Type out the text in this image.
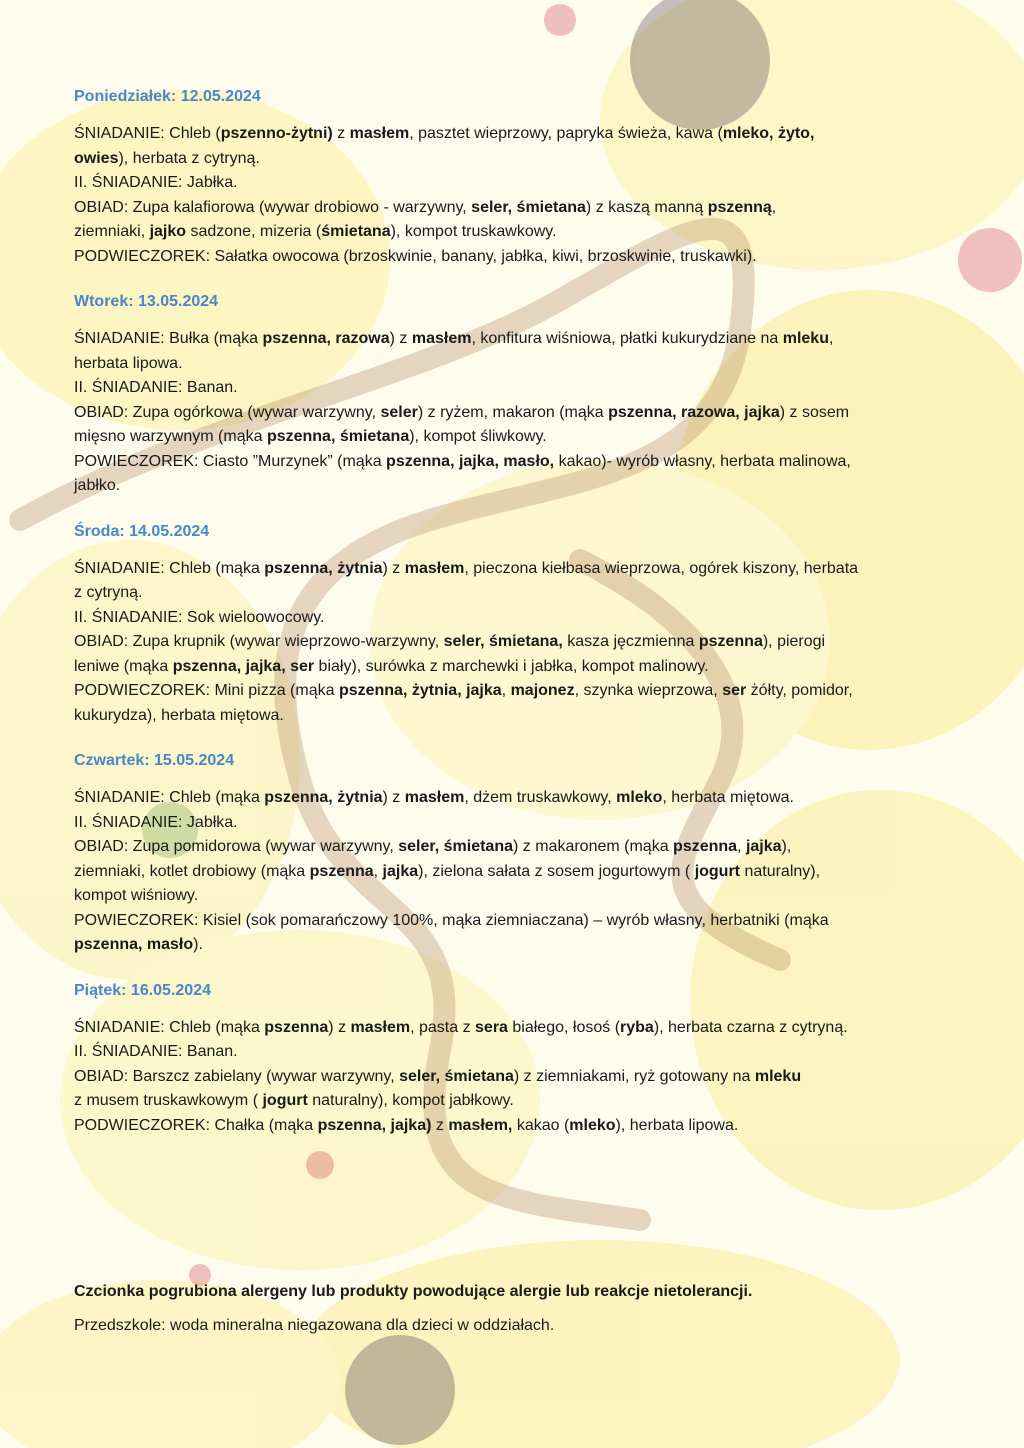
Poniedziałek: 12.05.2024

ŚNIADANIE: Chleb (pszenno-żytni) z masłem, pasztet wieprzowy, papryka świeża, kawa (mleko, żyto,
owies), herbata z cytryną.

II. ŚNIADANIE: Jabłka.

OBIAD: Zupa kalafiorowa (wywar drobiowo - warzywny, seler, śmietana) z kaszą manną pszenną,
ziemniaki, jajko sadzone, mizeria (śmietana), kompot truskawkowy.

PODWIECZOREK: Sałatka owocowa (brzoskwinie, banany, jabłka, kiwi, brzoskwinie, truskawki).

Wtorek: 13.05.2024

ŚNIADANIE: Bułka (mąka pszenna, razowa) z masłem, konfitura wiśniowa, płatki kukurydziane na mleku,
herbata lipowa.

II. ŚNIADANIE: Banan.

OBIAD: Zupa ogórkowa (wywar warzywny, seler) z ryżem, makaron (mąka pszenna, razowa, jajka) z sosem
mięsno warzywnym (mąka pszenna, śmietana), kompot śliwkowy.

POWIECZOREK: Ciasto ”Murzynek” (mąka pszenna, jajka, masło, kakao)- wyrób własny, herbata malinowa,
jabłko.

Środa: 14.05.2024

ŚNIADANIE: Chleb (mąka pszenna, żytnia) z masłem, pieczona kiełbasa wieprzowa, ogórek kiszony, herbata
z cytryną.

II. ŚNIADANIE: Sok wieloowocowy.

OBIAD: Zupa krupnik (wywar wieprzowo-warzywny, seler, śmietana, kasza jęczmienna pszenna), pierogi
leniwe (mąka pszenna, jajka, ser biały), surówka z marchewki i jabłka, kompot malinowy.

PODWIECZOREK: Mini pizza (mąka pszenna, żytnia, jajka, majonez, szynka wieprzowa, ser żółty, pomidor,
kukurydza), herbata miętowa.

Czwartek: 15.05.2024

ŚNIADANIE: Chleb (mąka pszenna, żytnia) z masłem, dżem truskawkowy, mleko, herbata miętowa.

II. ŚNIADANIE: Jabłka.

OBIAD: Zupa pomidorowa (wywar warzywny, seler, śmietana) z makaronem (mąka pszenna, jajka),
ziemniaki, kotlet drobiowy (mąka pszenna, jajka), zielona sałata z sosem jogurtowym ( jogurt naturalny),
kompot wiśniowy.

POWIECZOREK: Kisiel (sok pomarańczowy 100%, mąka ziemniaczana) – wyrób własny, herbatniki (mąka
pszenna, masło).

Piątek: 16.05.2024

ŚNIADANIE: Chleb (mąka pszenna) z masłem, pasta z sera białego, łosoś (ryba), herbata czarna z cytryną.

II. ŚNIADANIE: Banan.

OBIAD: Barszcz zabielany (wywar warzywny, seler, śmietana) z ziemniakami, ryż gotowany na mleku
z musem truskawkowym ( jogurt naturalny), kompot jabłkowy.

PODWIECZOREK: Chałka (mąka pszenna, jajka) z masłem, kakao (mleko), herbata lipowa.

Czcionka pogrubiona alergeny lub produkty powodujące alergie lub reakcje nietolerancji.

Przedszkole: woda mineralna niegazowana dla dzieci w oddziałach.
